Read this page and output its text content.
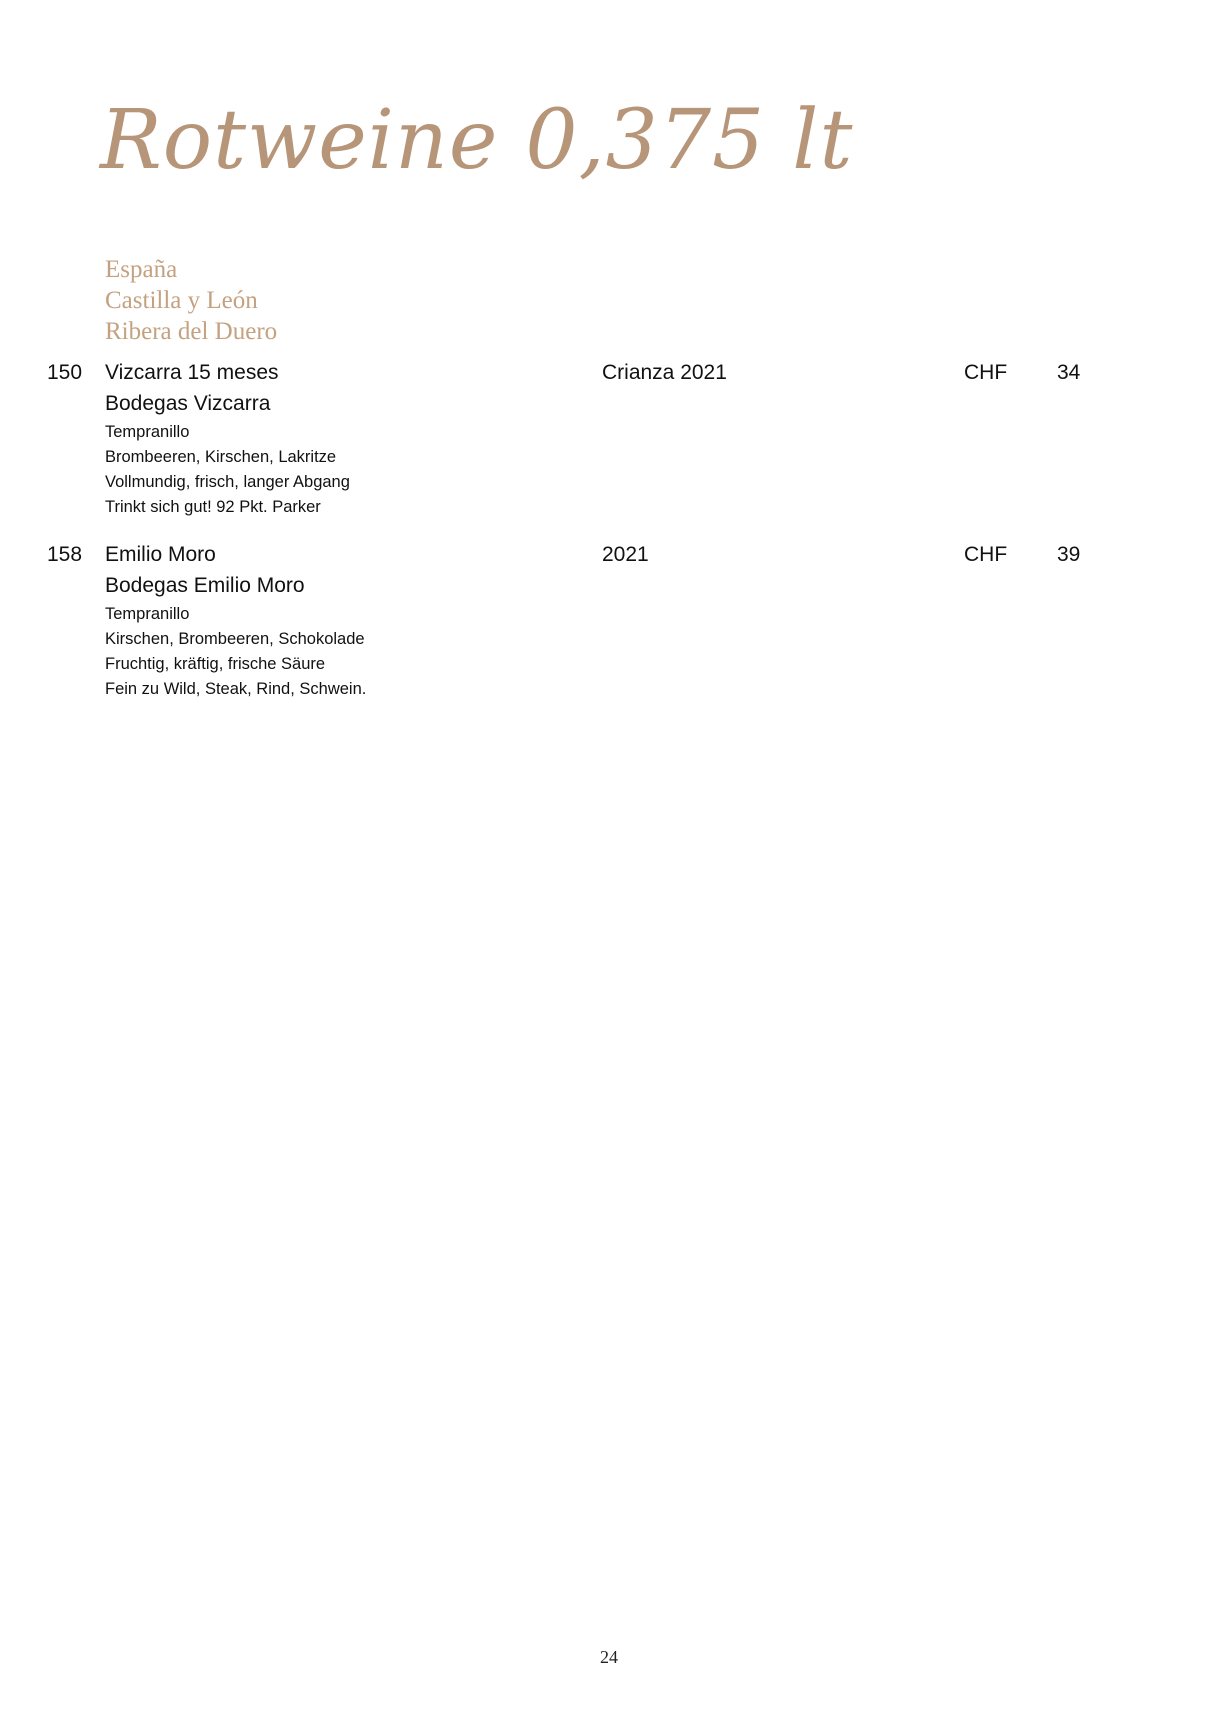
Rotweine 0,375 lt
España
Castilla y León
Ribera del Duero
150 Vizcarra 15 meses
Bodegas Vizcarra
Tempranillo
Brombeeren, Kirschen, Lakritze
Vollmundig, frisch, langer Abgang
Trinkt sich gut! 92 Pkt. Parker
Crianza 2021	CHF 34
158 Emilio Moro
Bodegas Emilio Moro
Tempranillo
Kirschen, Brombeeren, Schokolade
Fruchtig, kräftig, frische Säure
Fein zu Wild, Steak, Rind, Schwein.
2021	CHF 39
24
